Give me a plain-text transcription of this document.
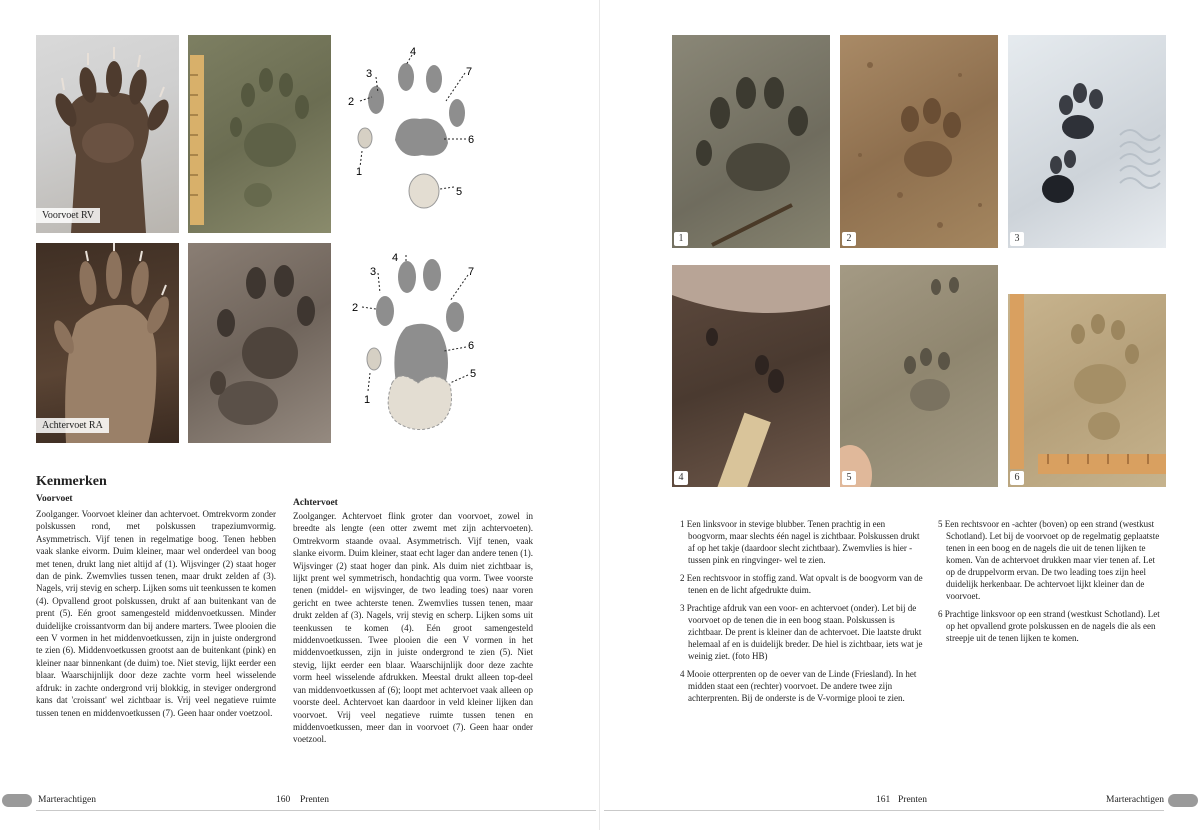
Voorvoet RV
1
2
3
4
5
6
7
Achtervoet RA
1
2
3
4
5
6
7
Kenmerken
Voorvoet
Zoolganger. Voorvoet kleiner dan achtervoet. Omtrekvorm zonder polskussen rond, met polskussen trapeziumvormig. Asymmetrisch. Vijf tenen in regelmatige boog. Tenen hebben vaak slanke eivorm. Duim kleiner, maar wel onderdeel van boog met tenen, drukt lang niet altijd af (1). Wijsvinger (2) staat hoger dan de pink. Zwemvlies tussen tenen, maar drukt zelden af (3). Nagels, vrij stevig en scherp. Lijken soms uit teenkussen te komen (4). Opvallend groot polskussen, drukt af aan buitenkant van de prent (5). Eén groot samengesteld middenvoetkussen. Minder duidelijke croissantvorm dan bij andere marters. Twee plooien die een V vormen in het middenvoetkussen, zijn in juiste ondergrond te zien (6). Middenvoetkussen grootst aan de buitenkant (pink) en kleiner naar binnenkant (de duim) toe. Niet stevig, lijkt eerder een blaar. Waarschijnlijk door deze zachte vorm heel wisselende afdruk: in zachte ondergrond vrij blokkig, in steviger ondergrond kans dat 'croissant' wel zichtbaar is. Vrij veel negatieve ruimte tussen tenen en middenvoetkussen (7). Geen haar onder voetzool.
Achtervoet
Zoolganger. Achtervoet flink groter dan voorvoet, zowel in breedte als lengte (een otter zwemt met zijn achtervoeten). Omtrekvorm staande ovaal. Asymmetrisch. Vijf tenen, vaak slanke eivorm. Duim kleiner, staat echt lager dan andere tenen (1). Wijsvinger (2) staat hoger dan pink. Als duim niet zichtbaar is, lijkt prent wel symmetrisch, hondachtig qua vorm. Twee voorste tenen (middel- en wijsvinger, de two leading toes) naar voren gericht en twee achterste tenen. Zwemvlies tussen tenen, maar drukt zelden af (3). Nagels, vrij stevig en scherp. Lijken soms uit teenkussen te komen (4). Eén groot samengesteld middenvoetkussen. Twee plooien die een V vormen in het middenvoetkussen, zijn in juiste ondergrond te zien (5). Niet stevig, lijkt eerder een blaar. Waarschijnlijk door deze zachte vorm heel wisselende afdrukken. Meestal drukt alleen top-deel van middenvoetkussen af (6); loopt met achtervoet vaak alleen op voorste deel. Achtervoet kan daardoor in veld kleiner lijken dan voorvoet. Vrij veel negatieve ruimte tussen tenen en middenvoetkussen, meer dan in voorvoet (7). Geen haar onder voetzool.
Marterachtigen	160 Prenten
1	2	3
4	5	6

1 Een linksvoor in stevige blubber. Tenen prachtig in een boogvorm, maar slechts één nagel is zichtbaar. Polskussen drukt af op het takje (daardoor slecht zichtbaar). Zwemvlies is hier -tussen pink en ringvinger- wel te zien.

2 Een rechtsvoor in stoffig zand. Wat opvalt is de boogvorm van de tenen en de licht afgedrukte duim.

3 Prachtige afdruk van een voor- en achtervoet (onder). Let bij de voorvoet op de tenen die in een boog staan. Polskussen is zichtbaar. De prent is kleiner dan de achtervoet. Die laatste drukt helemaal af en is duidelijk breder. De hiel is zichtbaar, iets wat je weinig ziet. (foto HB)

4 Mooie otterprenten op de oever van de Linde (Friesland). In het midden staat een (rechter) voorvoet. De andere twee zijn achterprenten. Bij de onderste is de V-vormige plooi te zien.

5 Een rechtsvoor en -achter (boven) op een strand (westkust Schotland). Let bij de voorvoet op de regelmatig geplaatste tenen in een boog en de nagels die uit de tenen lijken te komen. Van de achtervoet drukken maar vier tenen af. Let op de druppelvorm ervan. De two leading toes zijn heel duidelijk herkenbaar. De achtervoet lijkt kleiner dan de voorvoet.

6 Prachtige linksvoor op een strand (westkust Schotland). Let op het opvallend grote polskussen en de nagels die als een streepje uit de tenen lijken te komen.

161 Prenten	Marterachtigen
